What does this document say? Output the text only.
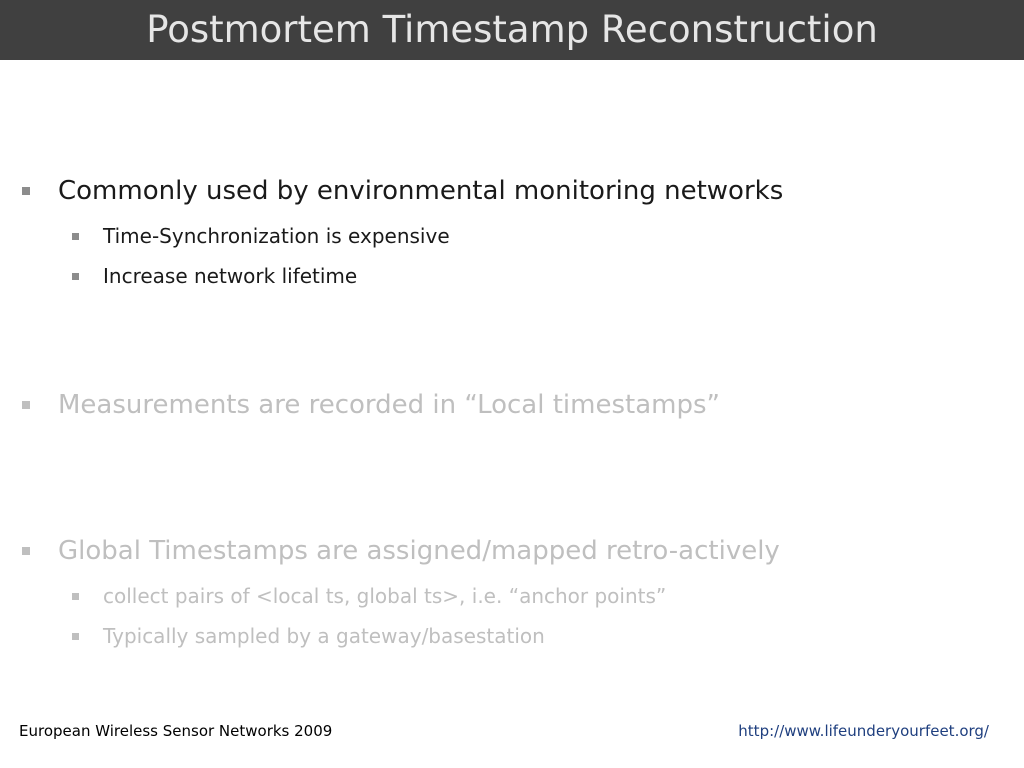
Postmortem Timestamp Reconstruction
Commonly used by environmental monitoring networks
Time-Synchronization is expensive
Increase network lifetime
Measurements are recorded in “Local timestamps”
Global Timestamps are assigned/mapped retro-actively
collect pairs of <local ts, global ts>, i.e. “anchor points”
Typically sampled by a gateway/basestation
European Wireless Sensor Networks 2009	http://www.lifeunderyourfeet.org/
